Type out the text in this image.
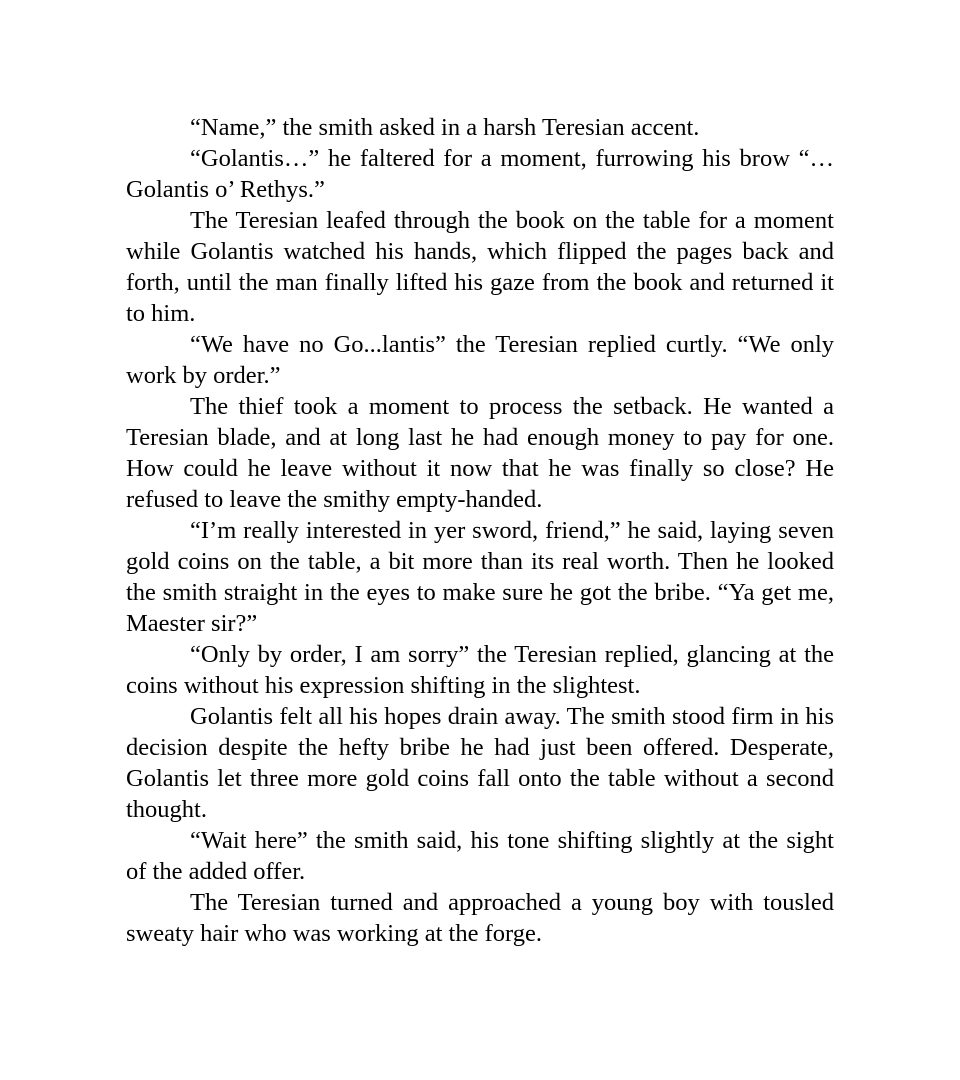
“Name,” the smith asked in a harsh Teresian accent.

“Golantis…” he faltered for a moment, furrowing his brow “…Golantis o’ Rethys.”

The Teresian leafed through the book on the table for a moment while Golantis watched his hands, which flipped the pages back and forth, until the man finally lifted his gaze from the book and returned it to him.

“We have no Go...lantis” the Teresian replied curtly. “We only work by order.”

The thief took a moment to process the setback. He wanted a Teresian blade, and at long last he had enough money to pay for one. How could he leave without it now that he was finally so close? He refused to leave the smithy empty-handed.

“I’m really interested in yer sword, friend,” he said, laying seven gold coins on the table, a bit more than its real worth. Then he looked the smith straight in the eyes to make sure he got the bribe. “Ya get me, Maester sir?”

“Only by order, I am sorry” the Teresian replied, glancing at the coins without his expression shifting in the slightest.

Golantis felt all his hopes drain away. The smith stood firm in his decision despite the hefty bribe he had just been offered. Desperate, Golantis let three more gold coins fall onto the table without a second thought.

“Wait here” the smith said, his tone shifting slightly at the sight of the added offer.

The Teresian turned and approached a young boy with tousled sweaty hair who was working at the forge.
